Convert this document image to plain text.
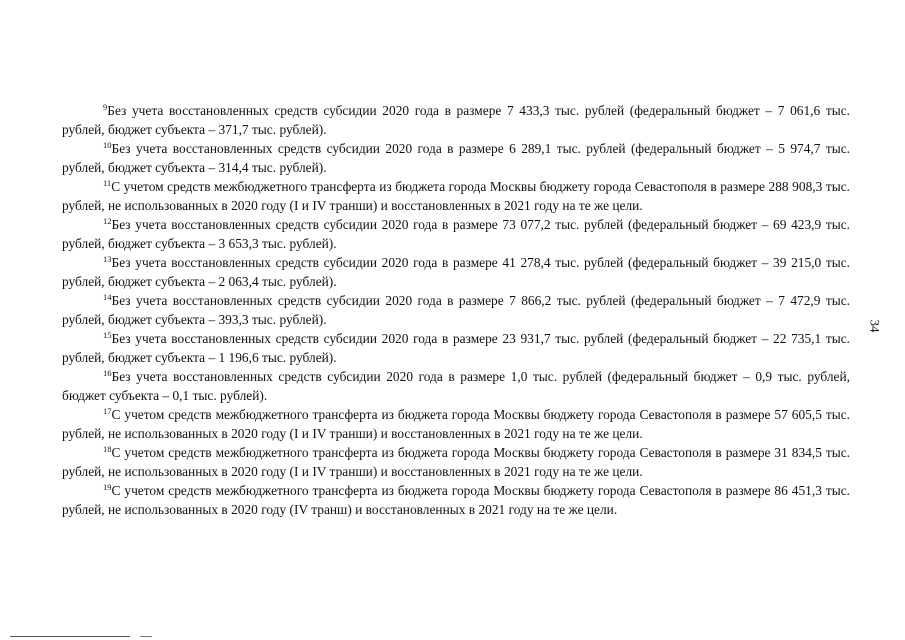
$^9$Без учета восстановленных средств субсидии 2020 года в размере 7 433,3 тыс. рублей (федеральный бюджет – 7 061,6 тыс. рублей, бюджет субъекта – 371,7 тыс. рублей).

$^{10}$Без учета восстановленных средств субсидии 2020 года в размере 6 289,1 тыс. рублей (федеральный бюджет – 5 974,7 тыс. рублей, бюджет субъекта – 314,4 тыс. рублей).

$^{11}$С учетом средств межбюджетного трансферта из бюджета города Москвы бюджету города Севастополя в размере 288 908,3 тыс. рублей, не использованных в 2020 году (I и IV транши) и восстановленных в 2021 году на те же цели.

$^{12}$Без учета восстановленных средств субсидии 2020 года в размере 73 077,2 тыс. рублей (федеральный бюджет – 69 423,9 тыс. рублей, бюджет субъекта – 3 653,3 тыс. рублей).

$^{13}$Без учета восстановленных средств субсидии 2020 года в размере 41 278,4 тыс. рублей (федеральный бюджет – 39 215,0 тыс. рублей, бюджет субъекта – 2 063,4 тыс. рублей).

$^{14}$Без учета восстановленных средств субсидии 2020 года в размере 7 866,2 тыс. рублей (федеральный бюджет – 7 472,9 тыс. рублей, бюджет субъекта – 393,3 тыс. рублей).

$^{15}$Без учета восстановленных средств субсидии 2020 года в размере 23 931,7 тыс. рублей (федеральный бюджет – 22 735,1 тыс. рублей, бюджет субъекта – 1 196,6 тыс. рублей).

$^{16}$Без учета восстановленных средств субсидии 2020 года в размере 1,0 тыс. рублей (федеральный бюджет – 0,9 тыс. рублей, бюджет субъекта – 0,1 тыс. рублей).

$^{17}$С учетом средств межбюджетного трансферта из бюджета города Москвы бюджету города Севастополя в размере 57 605,5 тыс. рублей, не использованных в 2020 году (I и IV транши) и восстановленных в 2021 году на те же цели.

$^{18}$С учетом средств межбюджетного трансферта из бюджета города Москвы бюджету города Севастополя в размере 31 834,5 тыс. рублей, не использованных в 2020 году (I и IV транши) и восстановленных в 2021 году на те же цели.

$^{19}$С учетом средств межбюджетного трансферта из бюджета города Москвы бюджету города Севастополя в размере 86 451,3 тыс. рублей, не использованных в 2020 году (IV транш) и восстановленных в 2021 году на те же цели.

34
